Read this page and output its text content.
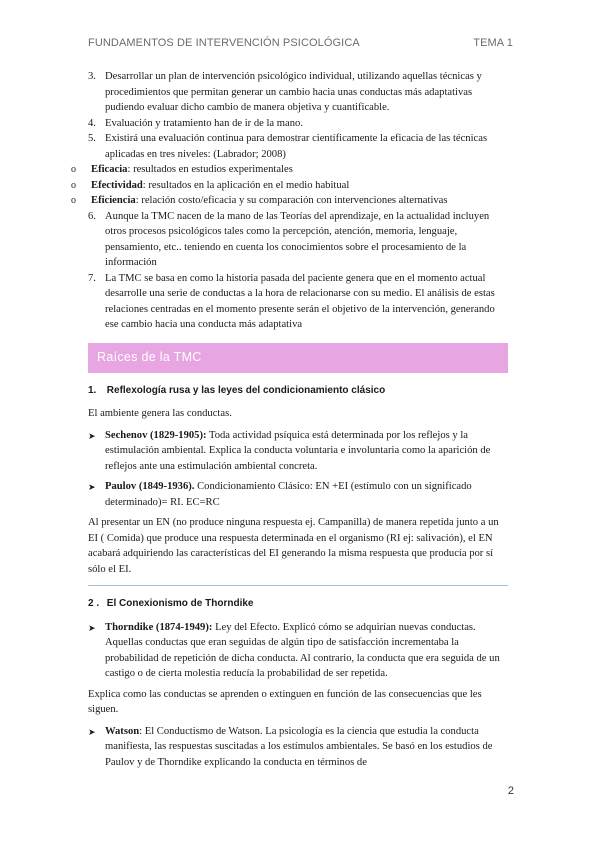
FUNDAMENTOS DE INTERVENCIÓN PSICOLÓGICA	TEMA 1
3. Desarrollar un plan de intervención psicológico individual, utilizando aquellas técnicas y procedimientos que permitan generar un cambio hacia unas conductas más adaptativas pudiendo evaluar dicho cambio de manera objetiva y cuantificable.
4. Evaluación y tratamiento han de ir de la mano.
5. Existirá una evaluación continua para demostrar científicamente la eficacia de las técnicas aplicadas en tres niveles: (Labrador; 2008)
o	Eficacia: resultados en estudios experimentales
o	Efectividad: resultados en la aplicación en el medio habitual
o	Eficiencia: relación costo/eficacia y su comparación con intervenciones alternativas
6. Aunque la TMC nacen de la mano de las Teorías del aprendizaje, en la actualidad incluyen otros procesos psicológicos tales como la percepción, atención, memoria, lenguaje, pensamiento, etc.. teniendo en cuenta los conocimientos sobre el procesamiento de la información
7. La TMC se basa en como la historia pasada del paciente genera que en el momento actual desarrolle una serie de conductas a la hora de relacionarse con su medio. El análisis de estas relaciones centradas en el momento presente serán el objetivo de la intervención, generando ese cambio hacia una conducta más adaptativa
Raíces de la TMC
1. Reflexología rusa y las leyes del condicionamiento clásico
El ambiente genera las conductas.
➤ Sechenov (1829-1905): Toda actividad psíquica está determinada por los reflejos y la estimulación ambiental. Explica la conducta voluntaria e involuntaria como la aparición de reflejos ante una estimulación ambiental concreta.
➤ Paulov (1849-1936). Condicionamiento Clásico: EN +EI (estímulo con un significado determinado)= RI. EC=RC
Al presentar un EN (no produce ninguna respuesta ej. Campanilla) de manera repetida junto a un EI ( Comida) que produce una respuesta determinada en el organismo (RI ej: salivación), el EN acabará adquiriendo las características del EI generando la misma respuesta que producía por sí sólo el EI.
2 . El Conexionismo de Thorndike
➤ Thorndike (1874-1949): Ley del Efecto. Explicó cómo se adquirían nuevas conductas. Aquellas conductas que eran seguidas de algún tipo de satisfacción incrementaba la probabilidad de repetición de dicha conducta. Al contrario, la conducta que era seguida de un castigo o de cierta molestia reducía la probabilidad de ser repetida.
Explica como las conductas se aprenden o extinguen en función de las consecuencias que les siguen.
➤ Watson: El Conductismo de Watson. La psicología es la ciencia que estudia la conducta manifiesta, las respuestas suscitadas a los estímulos ambientales. Se basó en los estudios de Paulov y de Thorndike explicando la conducta en términos de
2
